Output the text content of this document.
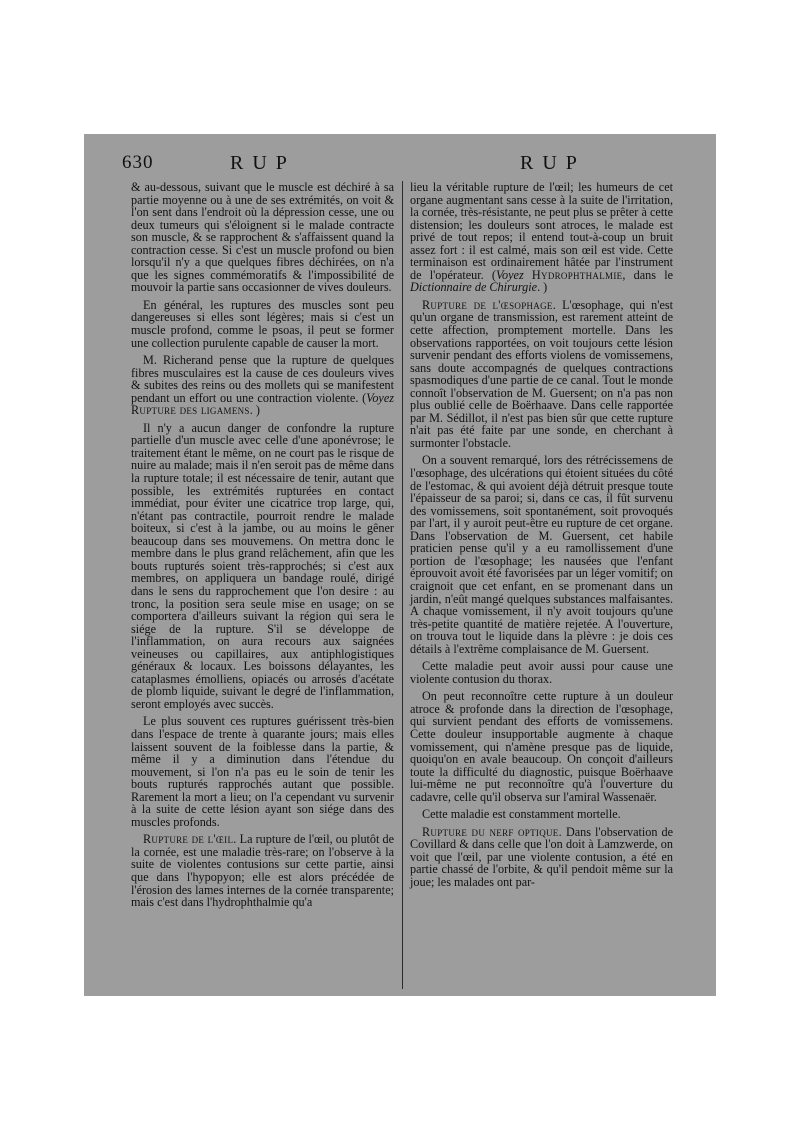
630	RUP	RUP

& au-dessous, suivant que le muscle est déchiré à sa partie moyenne ou à une de ses extrémités, on voit & l'on sent dans l'endroit où la dépression cesse, une ou deux tumeurs qui s'éloignent si le malade contracte son muscle, & se rapprochent & s'affaissent quand la contraction cesse. Si c'est un muscle profond ou bien lorsqu'il n'y a que quelques fibres déchirées, on n'a que les signes commémoratifs & l'impossibilité de mouvoir la partie sans occasionner de vives douleurs.

En général, les ruptures des muscles sont peu dangereuses si elles sont légères; mais si c'est un muscle profond, comme le psoas, il peut se former une collection purulente capable de causer la mort.

M. Richerand pense que la rupture de quelques fibres musculaires est la cause de ces douleurs vives & subites des reins ou des mollets qui se manifestent pendant un effort ou une contraction violente. (Voyez Rupture des ligamens. )

Il n'y a aucun danger de confondre la rupture partielle d'un muscle avec celle d'une aponévrose; le traitement étant le même, on ne court pas le risque de nuire au malade; mais il n'en seroit pas de même dans la rupture totale; il est nécessaire de tenir, autant que possible, les extrémités rupturées en contact immédiat, pour éviter une cicatrice trop large, qui, n'étant pas contractile, pourroit rendre le malade boiteux, si c'est à la jambe, ou au moins le gêner beaucoup dans ses mouvemens. On mettra donc le membre dans le plus grand relâchement, afin que les bouts rupturés soient très-rapprochés; si c'est aux membres, on appliquera un bandage roulé, dirigé dans le sens du rapprochement que l'on desire : au tronc, la position sera seule mise en usage; on se comportera d'ailleurs suivant la région qui sera le siége de la rupture. S'il se développe de l'inflammation, on aura recours aux saignées veineuses ou capillaires, aux antiphlogistiques généraux & locaux. Les boissons délayantes, les cataplasmes émolliens, opiacés ou arrosés d'acétate de plomb liquide, suivant le degré de l'inflammation, seront employés avec succès.

Le plus souvent ces ruptures guérissent très-bien dans l'espace de trente à quarante jours; mais elles laissent souvent de la foiblesse dans la partie, & même il y a diminution dans l'étendue du mouvement, si l'on n'a pas eu le soin de tenir les bouts rupturés rapprochés autant que possible. Rarement la mort a lieu; on l'a cependant vu survenir à la suite de cette lésion ayant son siége dans des muscles profonds.

Rupture de l'œil. La rupture de l'œil, ou plutôt de la cornée, est une maladie très-rare; on l'observe à la suite de violentes contusions sur cette partie, ainsi que dans l'hypopyon; elle est alors précédée de l'érosion des lames internes de la cornée transparente; mais c'est dans l'hydrophthalmie qu'a

lieu la véritable rupture de l'œil; les humeurs de cet organe augmentant sans cesse à la suite de l'irritation, la cornée, très-résistante, ne peut plus se prêter à cette distension; les douleurs sont atroces, le malade est privé de tout repos; il entend tout-à-coup un bruit assez fort : il est calmé, mais son œil est vide. Cette terminaison est ordinairement hâtée par l'instrument de l'opérateur. (Voyez Hydrophthalmie, dans le Dictionnaire de Chirurgie. )

Rupture de l'œsophage. L'œsophage, qui n'est qu'un organe de transmission, est rarement atteint de cette affection, promptement mortelle. Dans les observations rapportées, on voit toujours cette lésion survenir pendant des efforts violens de vomissemens, sans doute accompagnés de quelques contractions spasmodiques d'une partie de ce canal. Tout le monde connoît l'observation de M. Guersent; on n'a pas non plus oublié celle de Boërhaave. Dans celle rapportée par M. Sédillot, il n'est pas bien sûr que cette rupture n'ait pas été faite par une sonde, en cherchant à surmonter l'obstacle.

On a souvent remarqué, lors des rétrécissemens de l'œsophage, des ulcérations qui étoient situées du côté de l'estomac, & qui avoient déjà détruit presque toute l'épaisseur de sa paroi; si, dans ce cas, il fût survenu des vomissemens, soit spontanément, soit provoqués par l'art, il y auroit peut-être eu rupture de cet organe. Dans l'observation de M. Guersent, cet habile praticien pense qu'il y a eu ramollissement d'une portion de l'œsophage; les nausées que l'enfant éprouvoit avoit été favorisées par un léger vomitif; on craignoit que cet enfant, en se promenant dans un jardin, n'eût mangé quelques substances malfaisantes. A chaque vomissement, il n'y avoit toujours qu'une très-petite quantité de matière rejetée. A l'ouverture, on trouva tout le liquide dans la plèvre : je dois ces détails à l'extrême complaisance de M. Guersent.

Cette maladie peut avoir aussi pour cause une violente contusion du thorax.

On peut reconnoître cette rupture à un douleur atroce & profonde dans la direction de l'œsophage, qui survient pendant des efforts de vomissemens. Cette douleur insupportable augmente à chaque vomissement, qui n'amène presque pas de liquide, quoiqu'on en avale beaucoup. On conçoit d'ailleurs toute la difficulté du diagnostic, puisque Boërhaave lui-même ne put reconnoître qu'à l'ouverture du cadavre, celle qu'il observa sur l'amiral Wassenaër.

Cette maladie est constamment mortelle.

Rupture du nerf optique. Dans l'observation de Covillard & dans celle que l'on doit à Lamzwerde, on voit que l'œil, par une violente contusion, a été en partie chassé de l'orbite, & qu'il pendoit même sur la joue; les malades ont par-
